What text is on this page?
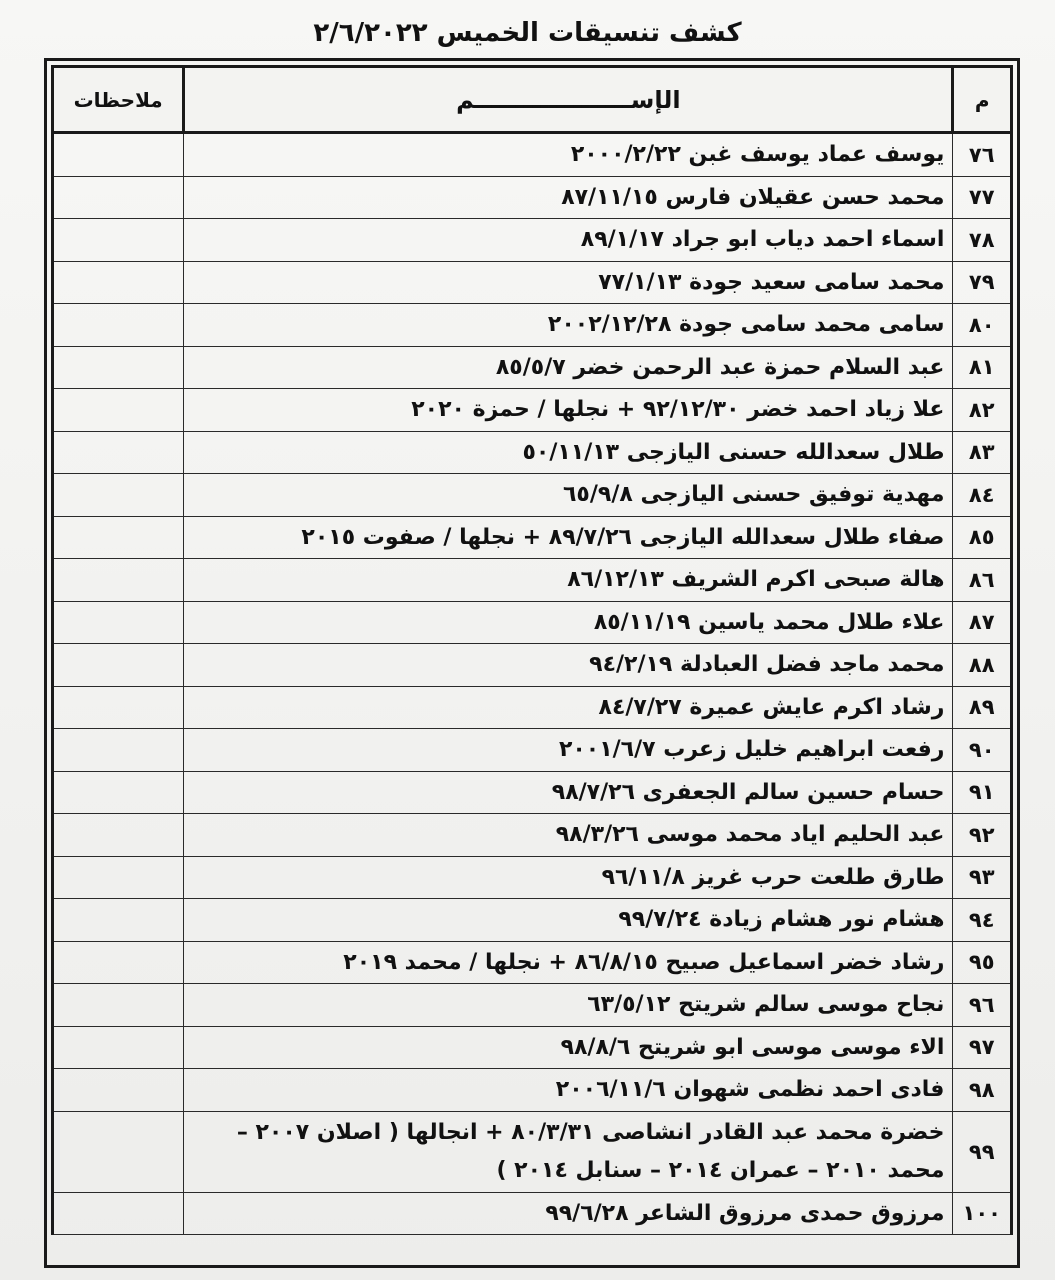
كشف تنسيقات الخميس ٢/٦/٢٠٢٢
م	الإســـــــــــــــــــم	ملاحظات
٧٦	يوسف عماد يوسف غبن ٢٠٠٠/٢/٢٢	
٧٧	محمد حسن عقيلان فارس ٨٧/١١/١٥	
٧٨	اسماء احمد دياب ابو جراد ٨٩/١/١٧	
٧٩	محمد سامى سعيد جودة ٧٧/١/١٣	
٨٠	سامى محمد سامى جودة ٢٠٠٢/١٢/٢٨	
٨١	عبد السلام حمزة عبد الرحمن خضر ٨٥/٥/٧	
٨٢	علا زياد احمد خضر ٩٢/١٢/٣٠ + نجلها / حمزة ٢٠٢٠	
٨٣	طلال سعدالله حسنى اليازجى ٥٠/١١/١٣	
٨٤	مهدية توفيق حسنى اليازجى ٦٥/٩/٨	
٨٥	صفاء طلال سعدالله اليازجى ٨٩/٧/٢٦ + نجلها / صفوت ٢٠١٥	
٨٦	هالة صبحى اكرم الشريف ٨٦/١٢/١٣	
٨٧	علاء طلال محمد ياسين ٨٥/١١/١٩	
٨٨	محمد ماجد فضل العبادلة ٩٤/٢/١٩	
٨٩	رشاد اكرم عايش عميرة ٨٤/٧/٢٧	
٩٠	رفعت ابراهيم خليل زعرب ٢٠٠١/٦/٧	
٩١	حسام حسين سالم الجعفرى ٩٨/٧/٢٦	
٩٢	عبد الحليم اياد محمد موسى ٩٨/٣/٢٦	
٩٣	طارق طلعت حرب غريز ٩٦/١١/٨	
٩٤	هشام نور هشام زيادة ٩٩/٧/٢٤	
٩٥	رشاد خضر اسماعيل صبيح ٨٦/٨/١٥ + نجلها / محمد ٢٠١٩	
٩٦	نجاح موسى سالم شريتح ٦٣/٥/١٢	
٩٧	الاء موسى موسى ابو شريتح ٩٨/٨/٦	
٩٨	فادى احمد نظمى شهوان ٢٠٠٦/١١/٦	
٩٩	خضرة محمد عبد القادر انشاصى ٨٠/٣/٣١ + انجالها ( اصلان ٢٠٠٧ – محمد ٢٠١٠ – عمران ٢٠١٤ – سنابل ٢٠١٤ )	
١٠٠	مرزوق حمدى مرزوق الشاعر ٩٩/٦/٢٨	
